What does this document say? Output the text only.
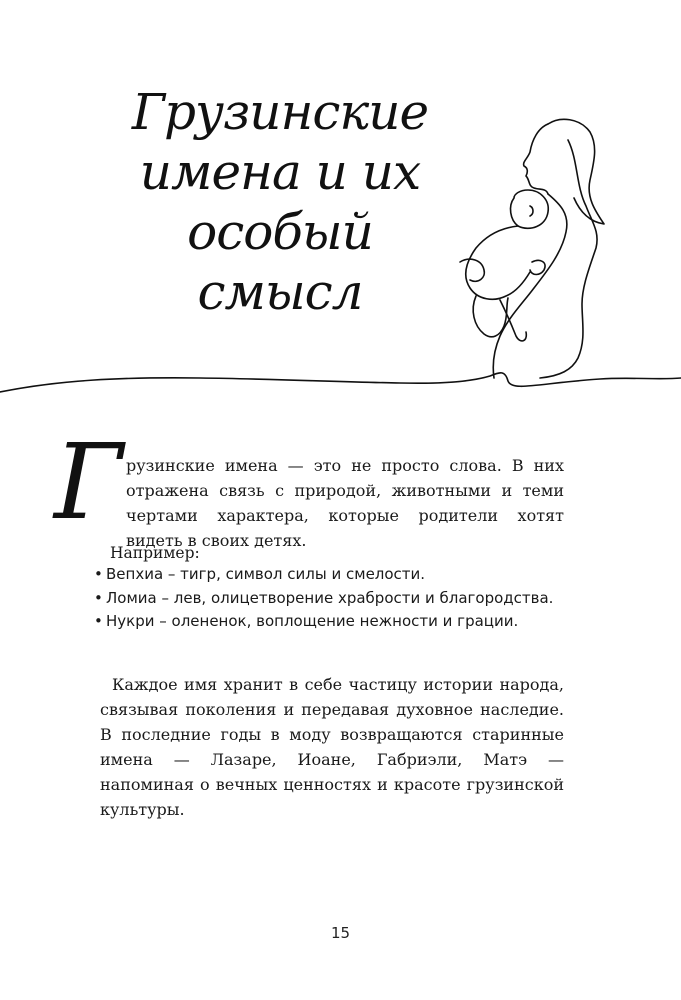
Грузинские
имена и их
особый смысл
Г рузинские имена — это не просто слова. В них отражена связь с природой, животными и теми чертами характера, которые родители хотят видеть в своих детях.
Например:
• Вепхиа – тигр, символ силы и смелости.
• Ломиа – лев, олицетворение храбрости и благородства.
• Нукри – олененок, воплощение нежности и грации.
Каждое имя хранит в себе частицу истории народа, связывая поколения и передавая духовное наследие. В последние годы в моду возвращаются старинные имена — Лазаре, Иоане, Габриэли, Матэ — напоминая о вечных ценностях и красоте грузинской культуры.
15
